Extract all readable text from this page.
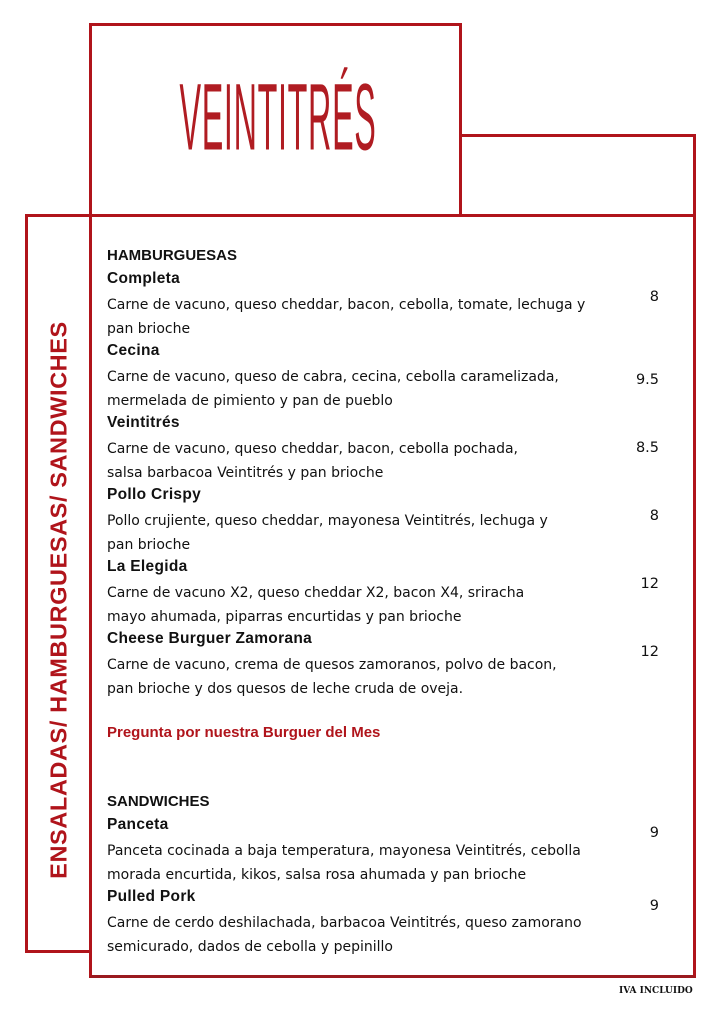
VEINTITRÉS
ENSALADAS/ HAMBURGUESAS/ SANDWICHES
HAMBURGUESAS
Completa
Carne de vacuno, queso cheddar, bacon, cebolla, tomate, lechuga y
pan brioche
8
Cecina
Carne de vacuno, queso de cabra, cecina, cebolla caramelizada,
mermelada de pimiento y pan de pueblo
9.5
Veintitrés
Carne de vacuno, queso cheddar, bacon, cebolla pochada,
salsa barbacoa Veintitrés y pan brioche
8.5
Pollo Crispy
Pollo crujiente, queso cheddar, mayonesa Veintitrés, lechuga y
pan brioche
8
La Elegida
Carne de vacuno X2, queso cheddar X2, bacon X4, sriracha
mayo ahumada, piparras encurtidas y pan brioche
12
Cheese Burguer Zamorana
Carne de vacuno, crema de quesos zamoranos, polvo de bacon,
pan brioche y dos quesos de leche cruda de oveja.
12
Pregunta por nuestra Burguer del Mes
SANDWICHES
Panceta
Panceta cocinada a baja temperatura, mayonesa Veintitrés, cebolla
morada encurtida, kikos, salsa rosa ahumada y pan brioche
9
Pulled Pork
Carne de cerdo deshilachada, barbacoa Veintitrés, queso zamorano
semicurado, dados de cebolla y pepinillo
9
IVA INCLUIDO
